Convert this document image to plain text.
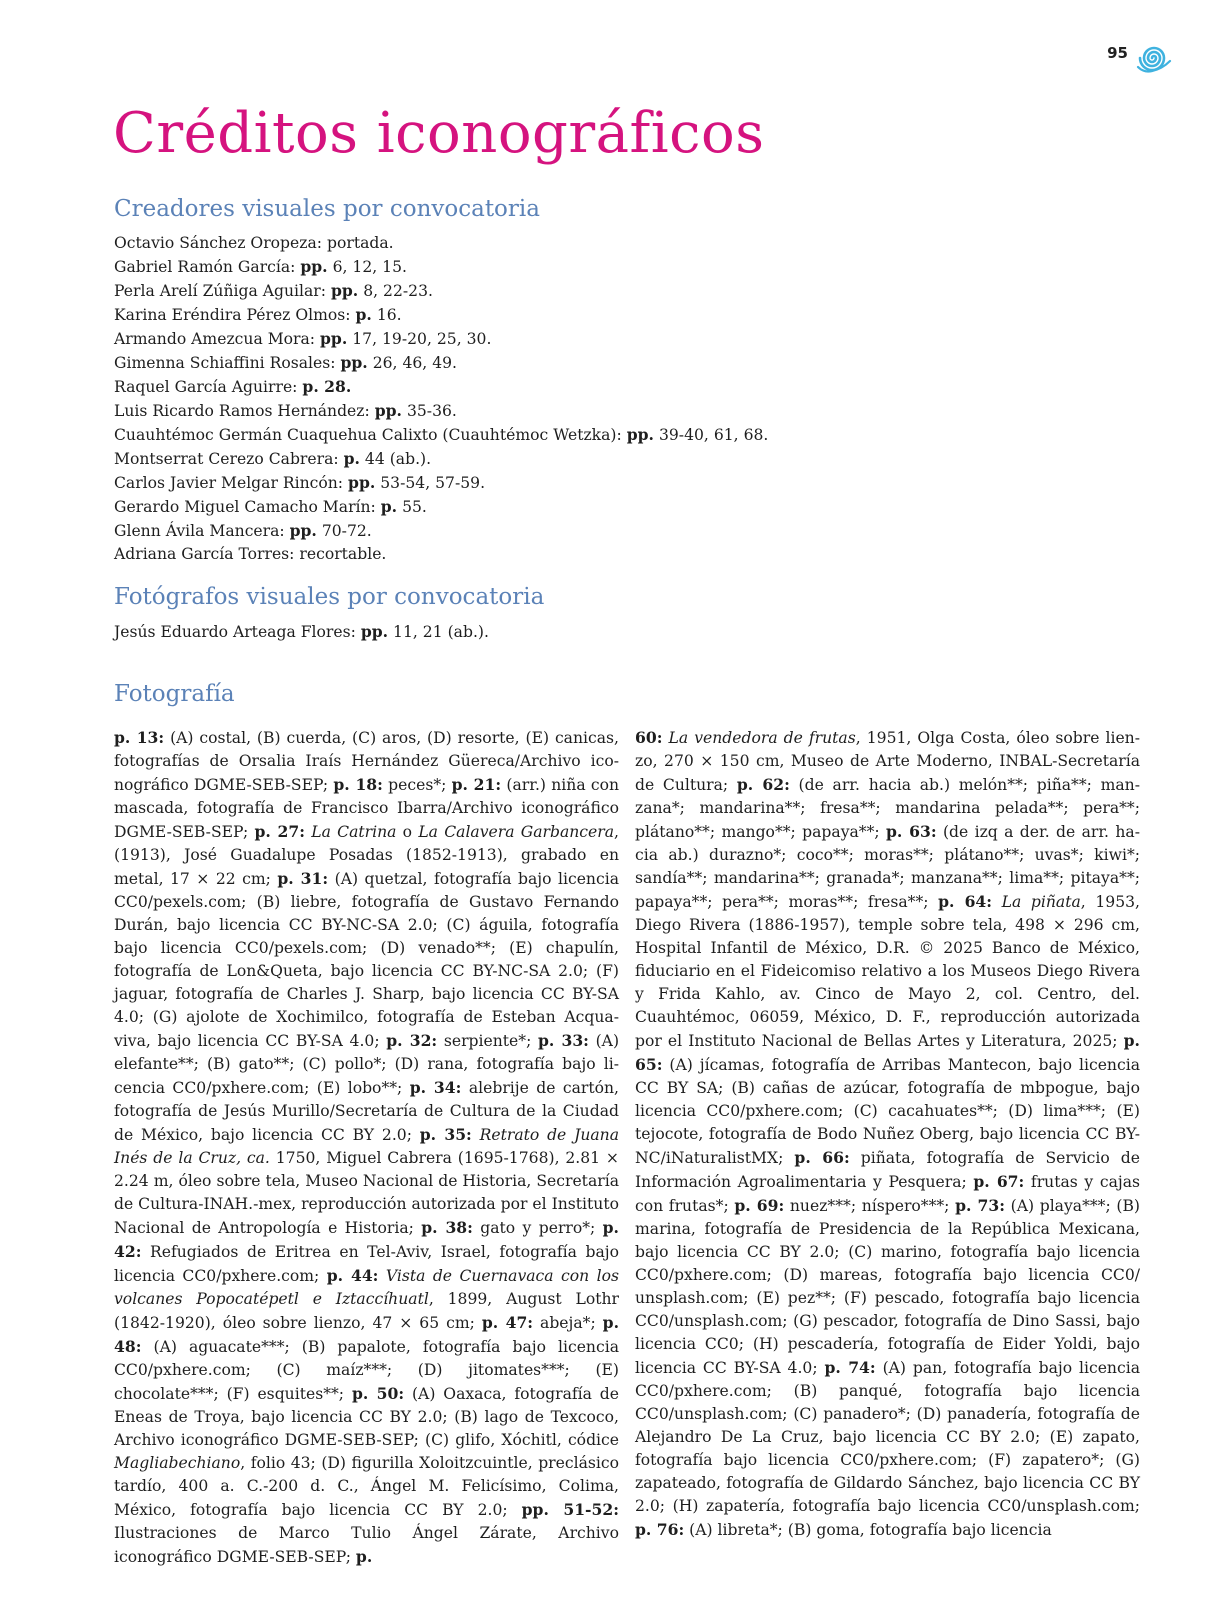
95
Créditos iconográficos
Creadores visuales por convocatoria
Octavio Sánchez Oropeza: portada.
Gabriel Ramón García: pp. 6, 12, 15.
Perla Arelí Zúñiga Aguilar: pp. 8, 22-23.
Karina Eréndira Pérez Olmos: p. 16.
Armando Amezcua Mora: pp. 17, 19-20, 25, 30.
Gimenna Schiaffini Rosales: pp. 26, 46, 49.
Raquel García Aguirre: p. 28.
Luis Ricardo Ramos Hernández: pp. 35-36.
Cuauhtémoc Germán Cuaquehua Calixto (Cuauhtémoc Wetzka): pp. 39-40, 61, 68.
Montserrat Cerezo Cabrera: p. 44 (ab.).
Carlos Javier Melgar Rincón: pp. 53-54, 57-59.
Gerardo Miguel Camacho Marín: p. 55.
Glenn Ávila Mancera: pp. 70-72.
Adriana García Torres: recortable.
Fotógrafos visuales por convocatoria
Jesús Eduardo Arteaga Flores: pp. 11, 21 (ab.).
Fotografía

p. 13: (A) costal, (B) cuerda, (C) aros, (D) resorte, (E) canicas, fotografías de Orsalia Iraís Hernández Güereca/Archivo iconográfico DGME-SEB-SEP; p. 18: peces*; p. 21: (arr.) niña con mascada, fotografía de Francisco Ibarra/Archivo iconográfico DGME-SEB-SEP; p. 27: La Catrina o La Calavera Garbancera, (1913), José Guadalupe Posadas (1852-1913), grabado en metal, 17 × 22 cm; p. 31: (A) quetzal, fotografía bajo licencia CC0/pexels.com; (B) liebre, fotografía de Gustavo Fernando Durán, bajo licencia CC BY-NC-SA 2.0; (C) águila, fotografía bajo licencia CC0/pexels.com; (D) venado**; (E) chapulín, fotografía de Lon&Queta, bajo licencia CC BY-NC-SA 2.0; (F) jaguar, fotografía de Charles J. Sharp, bajo licencia CC BY-SA 4.0; (G) ajolote de Xochimilco, fotografía de Esteban Acquaviva, bajo licencia CC BY-SA 4.0; p. 32: serpiente*; p. 33: (A) elefante**; (B) gato**; (C) pollo*; (D) rana, fotografía bajo licencia CC0/pxhere.com; (E) lobo**; p. 34: alebrije de cartón, fotografía de Jesús Murillo/Secretaría de Cultura de la Ciudad de México, bajo licencia CC BY 2.0; p. 35: Retrato de Juana Inés de la Cruz, ca. 1750, Miguel Cabrera (1695-1768), 2.81 × 2.24 m, óleo sobre tela, Museo Nacional de Historia, Secretaría de Cultura-INAH.-mex, reproducción autorizada por el Instituto Nacional de Antropología e Historia; p. 38: gato y perro*; p. 42: Refugiados de Eritrea en Tel-Aviv, Israel, fotografía bajo licencia CC0/pxhere.com; p. 44: Vista de Cuernavaca con los volcanes Popocatépetl e Iztaccíhuatl, 1899, August Lothr (1842-1920), óleo sobre lienzo, 47 × 65 cm; p. 47: abeja*; p. 48: (A) aguacate***; (B) papalote, fotografía bajo licencia CC0/pxhere.com; (C) maíz***; (D) jitomates***; (E) chocolate***; (F) esquites**; p. 50: (A) Oaxaca, fotografía de Eneas de Troya, bajo licencia CC BY 2.0; (B) lago de Texcoco, Archivo iconográfico DGME-SEB-SEP; (C) glifo, Xóchitl, códice Magliabechiano, folio 43; (D) figurilla Xoloitzcuintle, preclásico tardío, 400 a. C.-200 d. C., Ángel M. Felicísimo, Colima, México, fotografía bajo licencia CC BY 2.0; pp. 51-52: Ilustraciones de Marco Tulio Ángel Zárate, Archivo iconográfico DGME-SEB-SEP; p.

60: La vendedora de frutas, 1951, Olga Costa, óleo sobre lienzo, 270 × 150 cm, Museo de Arte Moderno, INBAL-Secretaría de Cultura; p. 62: (de arr. hacia ab.) melón**; piña**; manzana*; mandarina**; fresa**; mandarina pelada**; pera**; plátano**; mango**; papaya**; p. 63: (de izq a der. de arr. hacia ab.) durazno*; coco**; moras**; plátano**; uvas*; kiwi*; sandía**; mandarina**; granada*; manzana**; lima**; pitaya**; papaya**; pera**; moras**; fresa**; p. 64: La piñata, 1953, Diego Rivera (1886-1957), temple sobre tela, 498 × 296 cm, Hospital Infantil de México, D.R. © 2025 Banco de México, fiduciario en el Fideicomiso relativo a los Museos Diego Rivera y Frida Kahlo, av. Cinco de Mayo 2, col. Centro, del. Cuauhtémoc, 06059, México, D. F., reproducción autorizada por el Instituto Nacional de Bellas Artes y Literatura, 2025; p. 65: (A) jícamas, fotografía de Arribas Mantecon, bajo licencia CC BY SA; (B) cañas de azúcar, fotografía de mbpogue, bajo licencia CC0/pxhere.com; (C) cacahuates**; (D) lima***; (E) tejocote, fotografía de Bodo Nuñez Oberg, bajo licencia CC BY-NC/iNaturalistMX; p. 66: piñata, fotografía de Servicio de Información Agroalimentaria y Pesquera; p. 67: frutas y cajas con frutas*; p. 69: nuez***; níspero***; p. 73: (A) playa***; (B) marina, fotografía de Presidencia de la República Mexicana, bajo licencia CC BY 2.0; (C) marino, fotografía bajo licencia CC0/pxhere.com; (D) mareas, fotografía bajo licencia CC0/ unsplash.com; (E) pez**; (F) pescado, fotografía bajo licencia CC0/unsplash.com; (G) pescador, fotografía de Dino Sassi, bajo licencia CC0; (H) pescadería, fotografía de Eider Yoldi, bajo licencia CC BY-SA 4.0; p. 74: (A) pan, fotografía bajo licencia CC0/pxhere.com; (B) panqué, fotografía bajo licencia CC0/unsplash.com; (C) panadero*; (D) panadería, fotografía de Alejandro De La Cruz, bajo licencia CC BY 2.0; (E) zapato, fotografía bajo licencia CC0/pxhere.com; (F) zapatero*; (G) zapateado, fotografía de Gildardo Sánchez, bajo licencia CC BY 2.0; (H) zapatería, fotografía bajo licencia CC0/unsplash.com; p. 76: (A) libreta*; (B) goma, fotografía bajo licencia
